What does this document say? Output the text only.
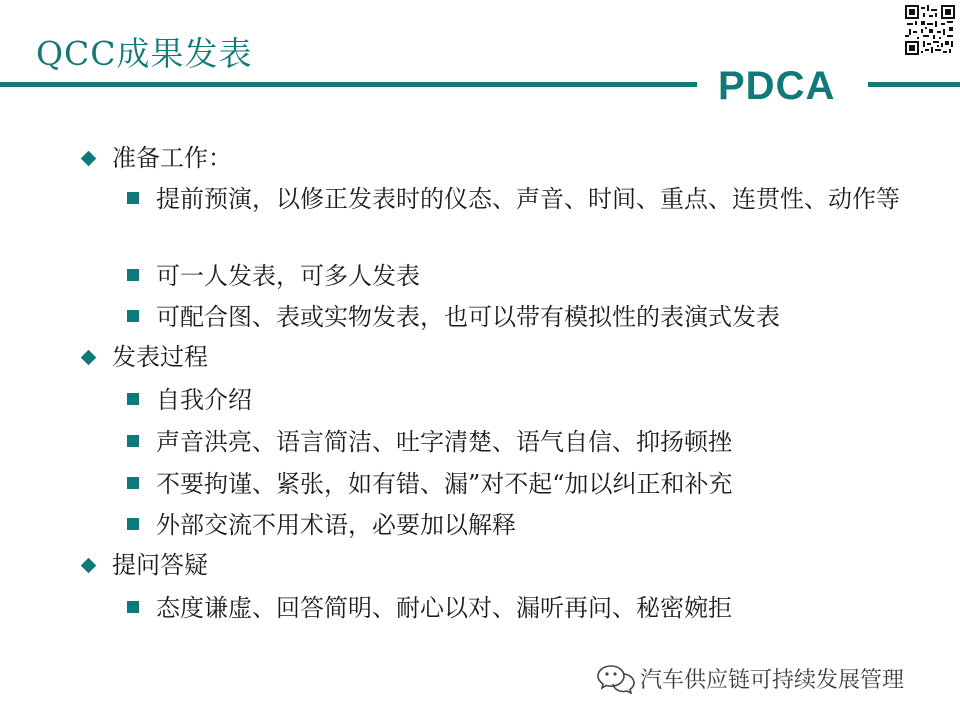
QCC成果发表
PDCA
准备工作：
提前预演，以修正发表时的仪态、声音、时间、重点、连贯性、动作等
可一人发表，可多人发表
可配合图、表或实物发表，也可以带有模拟性的表演式发表
发表过程
自我介绍
声音洪亮、语言简洁、吐字清楚、语气自信、抑扬顿挫
不要拘谨、紧张，如有错、漏”对不起“加以纠正和补充
外部交流不用术语，必要加以解释
提问答疑
态度谦虚、回答简明、耐心以对、漏听再问、秘密婉拒
汽车供应链可持续发展管理
